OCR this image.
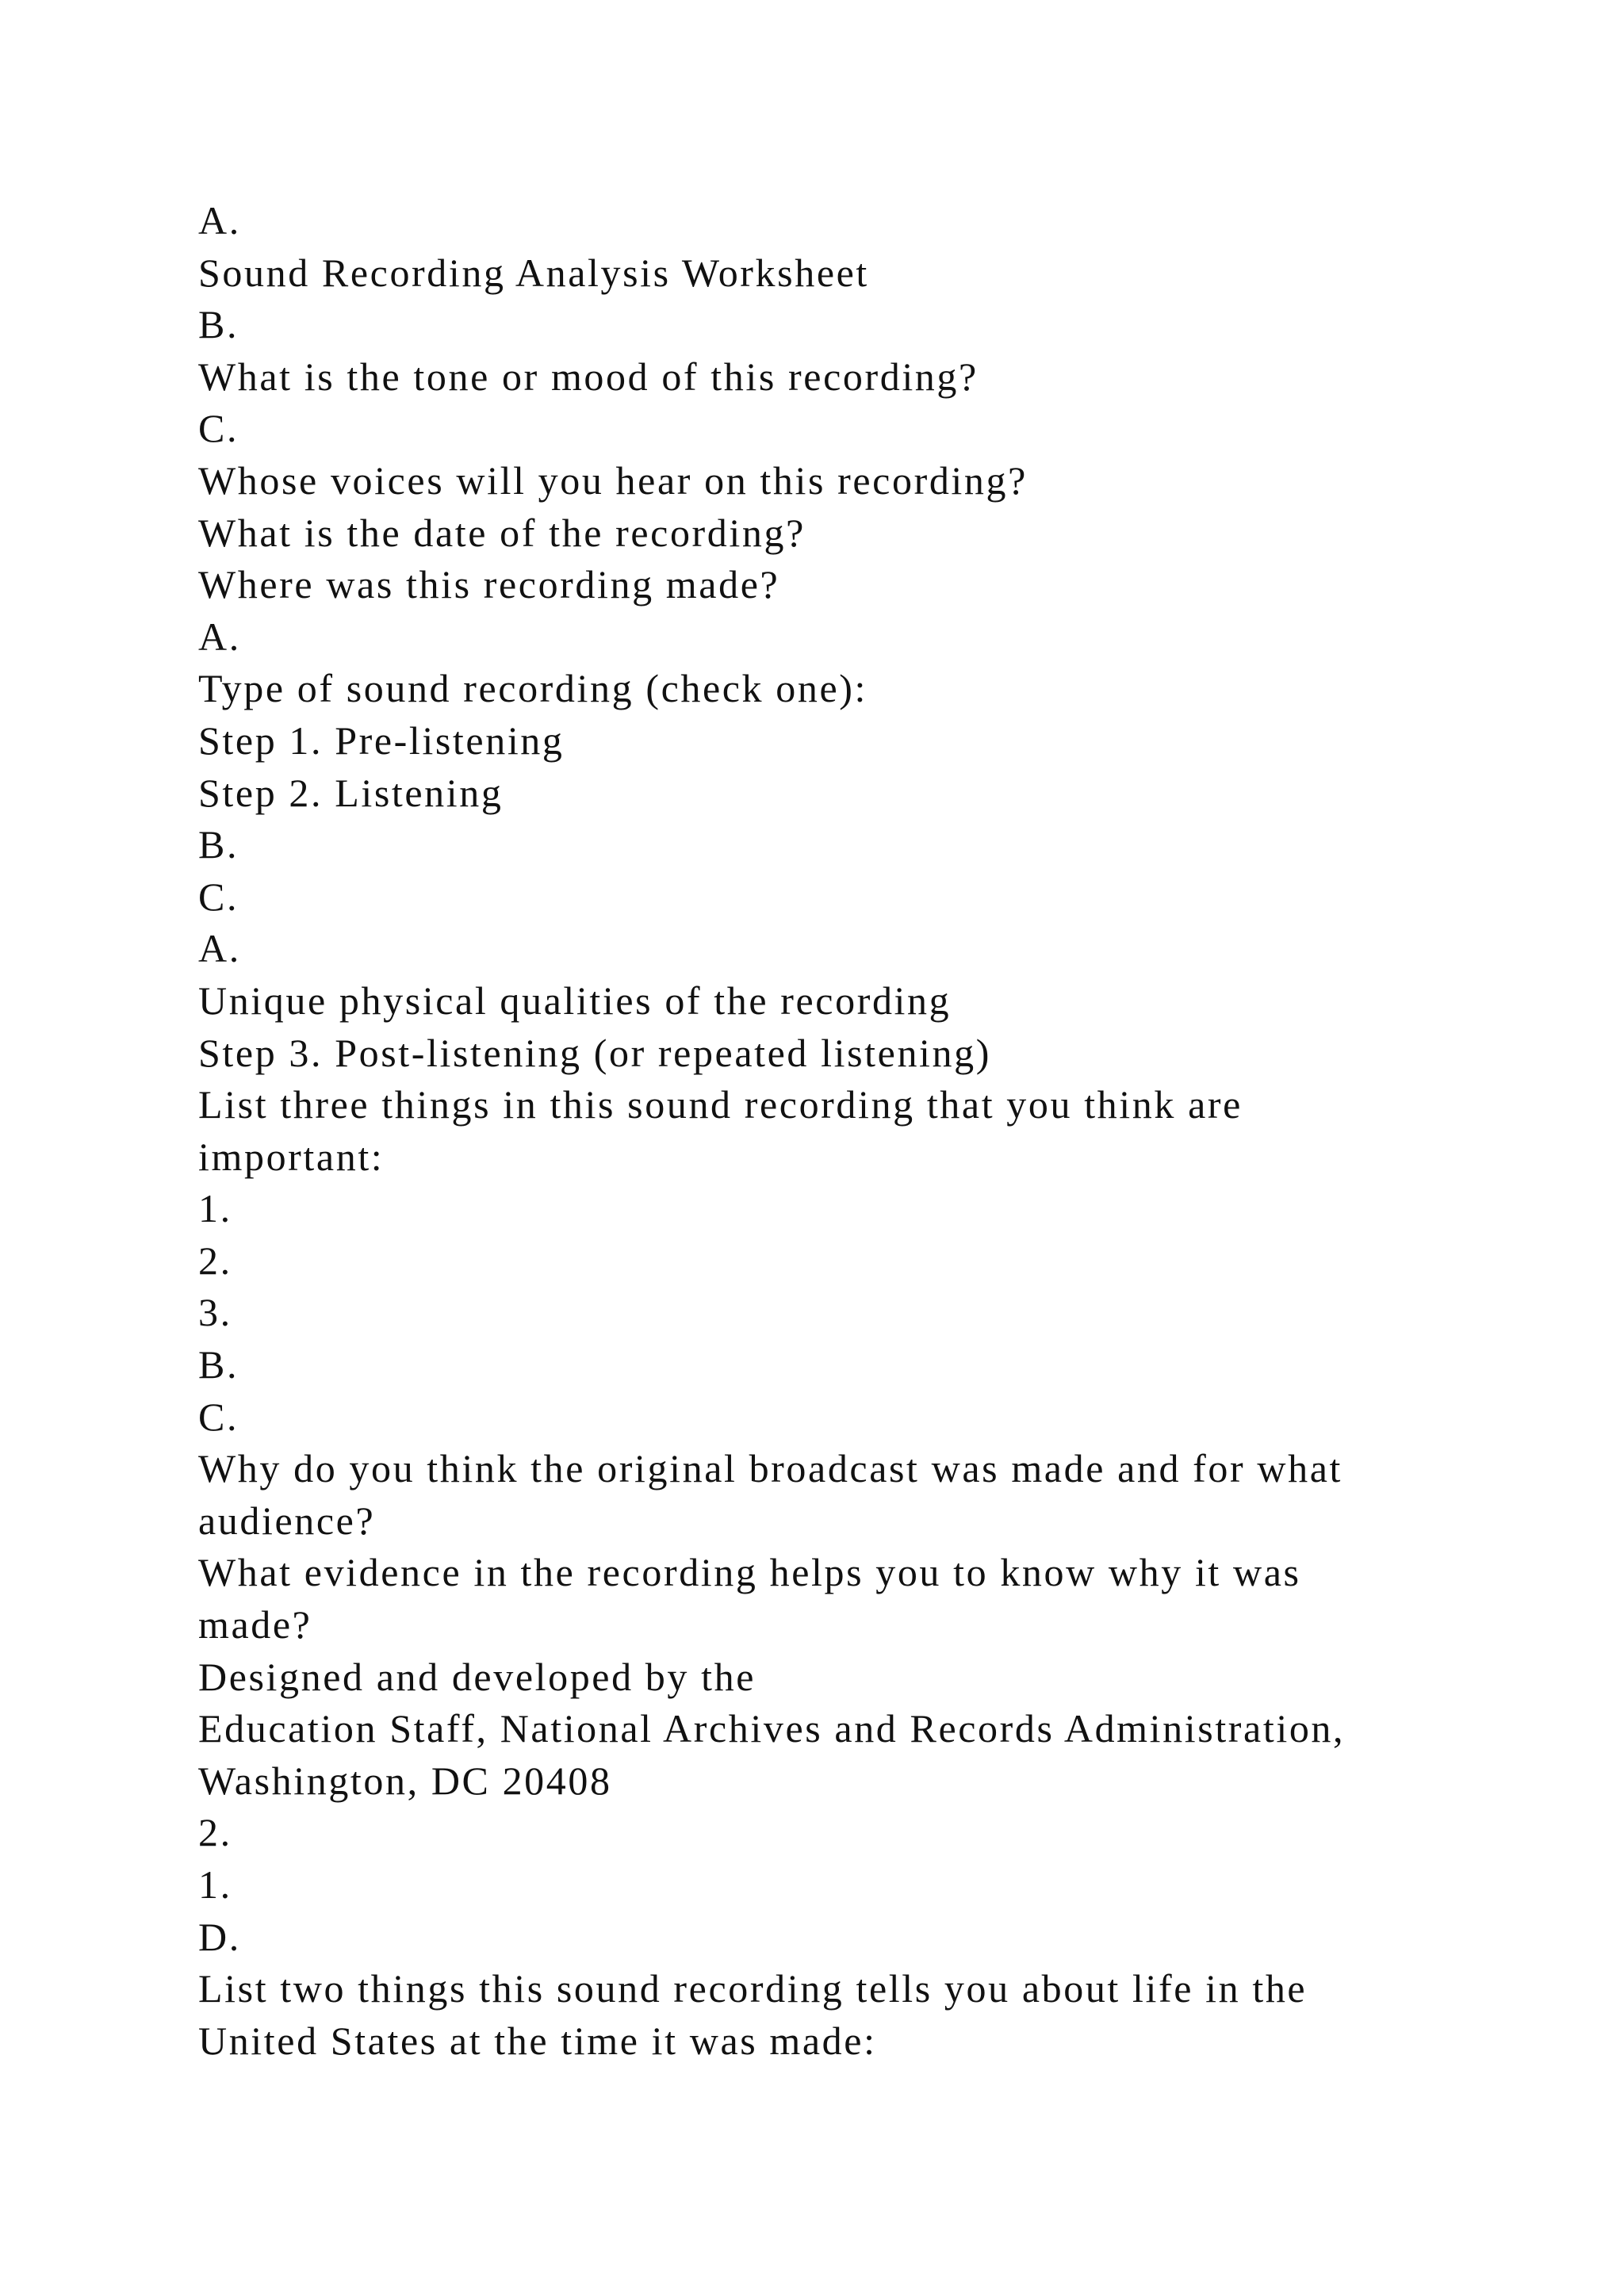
A.
Sound Recording Analysis Worksheet
B.
What is the tone or mood of this recording?
C.
Whose voices will you hear on this recording?
What is the date of the recording?
Where was this recording made?
A.
Type of sound recording (check one):
Step 1. Pre-listening
Step 2. Listening
B.
C.
A.
Unique physical qualities of the recording
Step 3. Post-listening (or repeated listening)
List three things in this sound recording that you think are
important:
1.
2.
3.
B.
C.
Why do you think the original broadcast was made and for what
audience?
What evidence in the recording helps you to know why it was
made?
Designed and developed by the
Education Staff, National Archives and Records Administration,
Washington, DC 20408
2.
1.
D.
List two things this sound recording tells you about life in the
United States at the time it was made:
